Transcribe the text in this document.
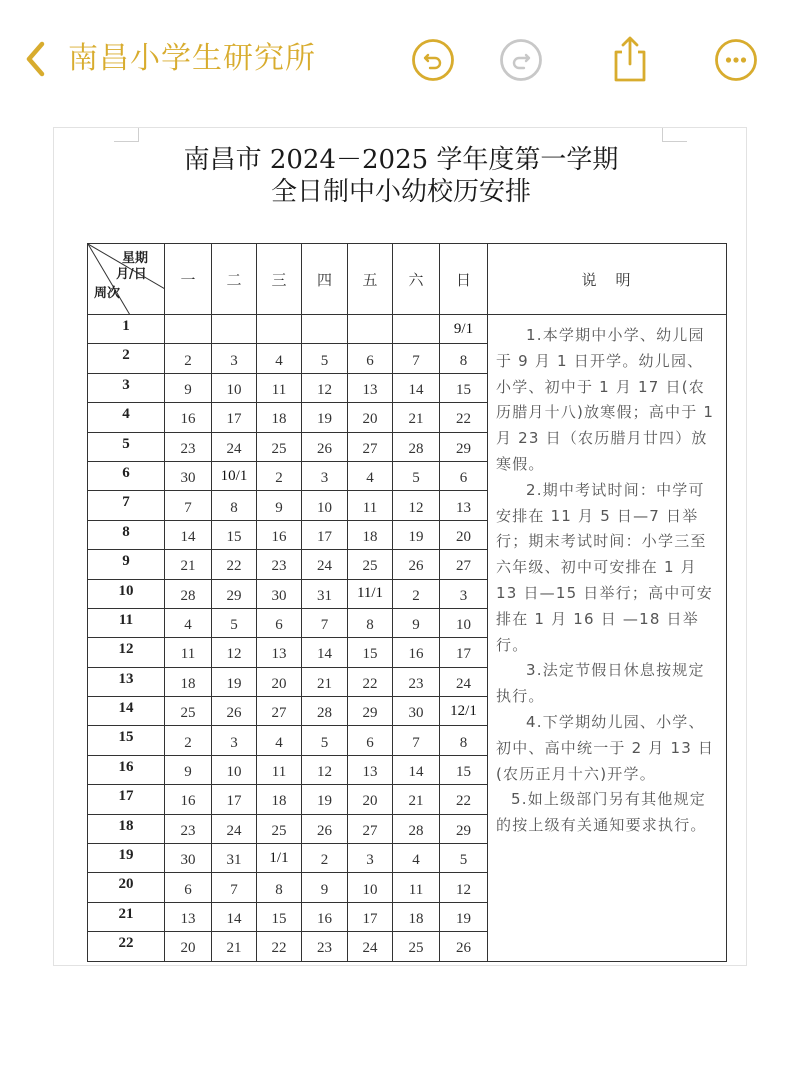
南昌小学生研究所
南昌市 2024－2025 学年度第一学期
全日制中小幼校历安排
星期
月/日
周次	一	二	三	四	五	六	日	说　明
1							9/1	1.本学期中小学、幼儿园于 9 月 1 日开学。幼儿园、小学、初中于 1 月 17 日(农历腊月十八)放寒假；高中于 1 月 23 日（农历腊月廿四）放寒假。

2.期中考试时间：中学可安排在 11 月 5 日—7 日举行；期末考试时间：小学三至六年级、初中可安排在 1 月 13 日—15 日举行；高中可安排在 1 月 16 日 —18 日举行。

3.法定节假日休息按规定执行。

4.下学期幼儿园、小学、初中、高中统一于 2 月 13 日(农历正月十六)开学。

5.如上级部门另有其他规定的按上级有关通知要求执行。

2	2	3	4	5	6	7	8	
3	9	10	11	12	13	14	15	
4	16	17	18	19	20	21	22	
5	23	24	25	26	27	28	29	
6	30	10/1	2	3	4	5	6	
7	7	8	9	10	11	12	13	
8	14	15	16	17	18	19	20	
9	21	22	23	24	25	26	27	
10	28	29	30	31	11/1	2	3	
11	4	5	6	7	8	9	10	
12	11	12	13	14	15	16	17	
13	18	19	20	21	22	23	24	
14	25	26	27	28	29	30	12/1	
15	2	3	4	5	6	7	8	
16	9	10	11	12	13	14	15	
17	16	17	18	19	20	21	22	
18	23	24	25	26	27	28	29	
19	30	31	1/1	2	3	4	5	
20	6	7	8	9	10	11	12	
21	13	14	15	16	17	18	19	
22	20	21	22	23	24	25	26	
